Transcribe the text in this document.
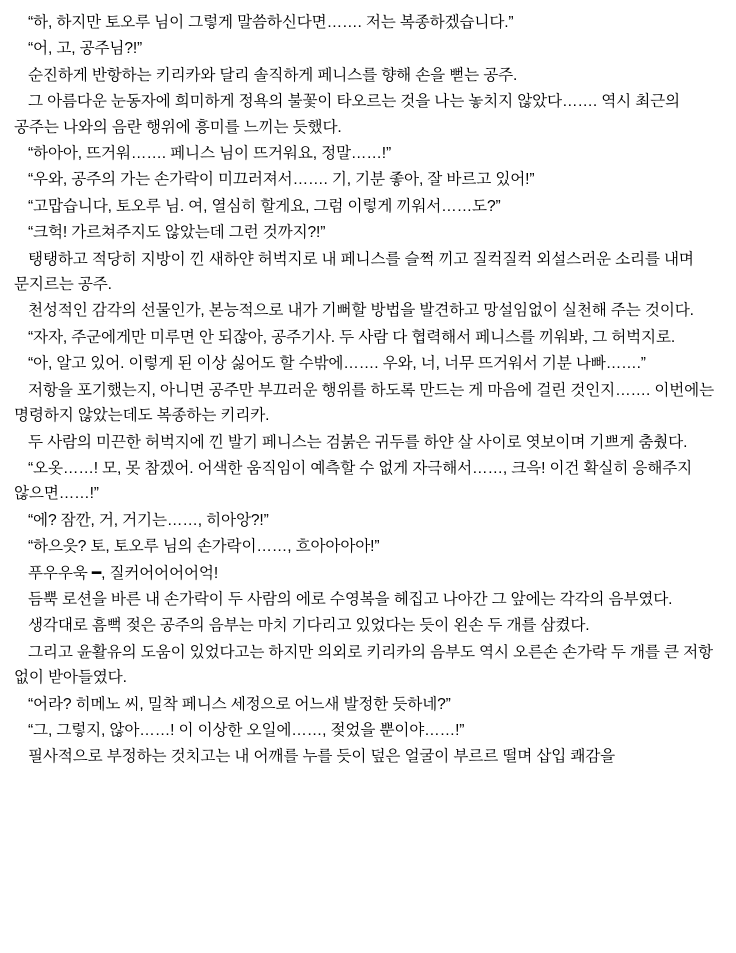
“하, 하지만 토오루 님이 그렇게 말씀하신다면……. 저는 복종하겠습니다.”

“어, 고, 공주님?!”

순진하게 반항하는 키리카와 달리 솔직하게 페니스를 향해 손을 뻗는 공주.

그 아름다운 눈동자에 희미하게 정욕의 불꽃이 타오르는 것을 나는 놓치지 않았다……. 역시 최근의 공주는 나와의 음란 행위에 흥미를 느끼는 듯했다.

“하아아, 뜨거워……. 페니스 님이 뜨거워요, 정말……!”

“우와, 공주의 가는 손가락이 미끄러져서……. 기, 기분 좋아, 잘 바르고 있어!”

“고맙습니다, 토오루 님. 여, 열심히 할게요, 그럼 이렇게 끼워서……도?”

“크헉! 가르쳐주지도 않았는데 그런 것까지?!”

탱탱하고 적당히 지방이 낀 새하얀 허벅지로 내 페니스를 슬쩍 끼고 질컥질컥 외설스러운 소리를 내며 문지르는 공주.

천성적인 감각의 선물인가, 본능적으로 내가 기뻐할 방법을 발견하고 망설임없이 실천해 주는 것이다.

“자자, 주군에게만 미루면 안 되잖아, 공주기사. 두 사람 다 협력해서 페니스를 끼워봐, 그 허벅지로.

“아, 알고 있어. 이렇게 된 이상 싫어도 할 수밖에……. 우와, 너, 너무 뜨거워서 기분 나빠…….”

저항을 포기했는지, 아니면 공주만 부끄러운 행위를 하도록 만드는 게 마음에 걸린 것인지……. 이번에는 명령하지 않았는데도 복종하는 키리카.

두 사람의 미끈한 허벅지에 낀 발기 페니스는 검붉은 귀두를 하얀 살 사이로 엿보이며 기쁘게 춤췄다.

“오옷……! 모, 못 참겠어. 어색한 움직임이 예측할 수 없게 자극해서……, 크윽! 이건 확실히 응해주지 않으면……!”

“에? 잠깐, 거, 거기는……, 히아앙?!”

“하으읏? 토, 토오루 님의 손가락이……, 흐아아아아!”

푸우우욱 ━, 질커어어어어억!

듬뿍 로션을 바른 내 손가락이 두 사람의 에로 수영복을 헤집고 나아간 그 앞에는 각각의 음부였다.

생각대로 흠뻑 젖은 공주의 음부는 마치 기다리고 있었다는 듯이 왼손 두 개를 삼켰다.

그리고 윤활유의 도움이 있었다고는 하지만 의외로 키리카의 음부도 역시 오른손 손가락 두 개를 큰 저항 없이 받아들였다.

“어라? 히메노 씨, 밀착 페니스 세정으로 어느새 발정한 듯하네?”

“그, 그렇지, 않아……! 이 이상한 오일에……, 젖었을 뿐이야……!”

필사적으로 부정하는 것치고는 내 어깨를 누를 듯이 덮은 얼굴이 부르르 떨며 삽입 쾌감을
